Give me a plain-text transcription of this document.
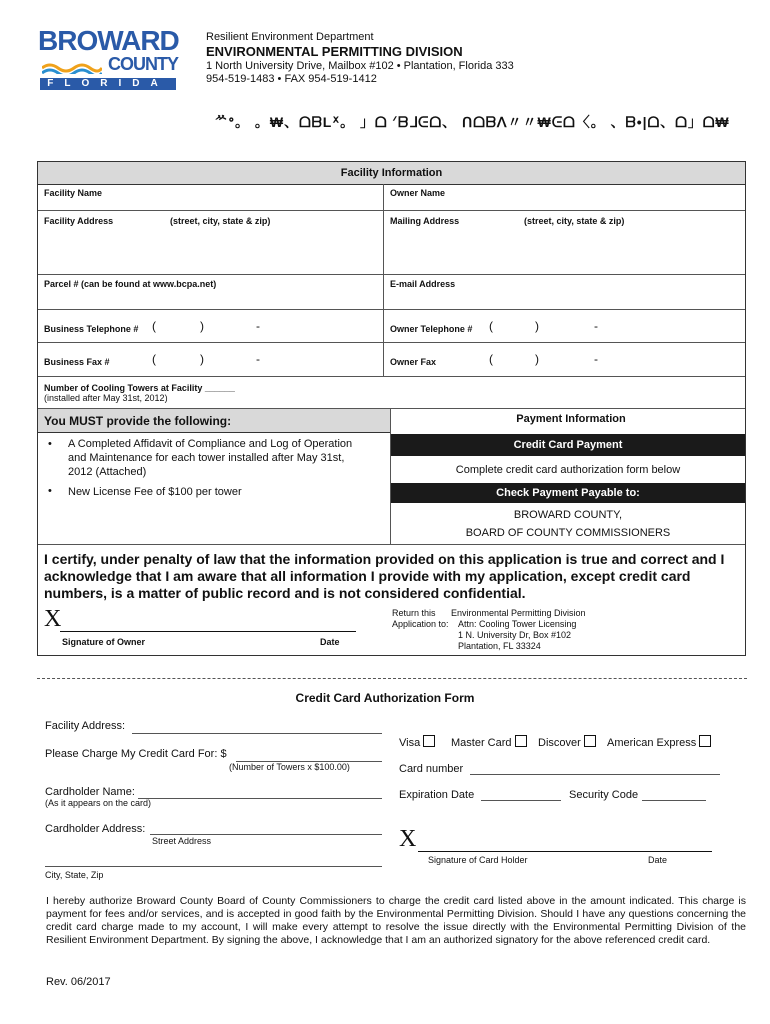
BROWARD
COUNTY
FLORIDA
Resilient Environment Department
ENVIRONMENTAL PERMITTING DIVISION
1 North University Drive, Mailbox #102 • Plantation, Florida 333
954-519-1483 • FAX 954-519-1412
ᄊᐤ。 。₩、ᗝᗷLᕽ。 」ᗝ ᐟᗷ⅃ᕮᗝ、 ᑎᗝᗷᐱ〃〃₩ᕮᗝ〈。 、ᗷ•|ᗝ、ᗝ」ᗝ₩
Facility Information
Facility Name	Owner Name
Facility Address	(street, city, state & zip)	Mailing Address	(street, city, state & zip)
Parcel # (can be found at www.bcpa.net)	E-mail Address
Business Telephone # (	)	-	Owner Telephone # (	)	-
Business Fax #	(	)	-	Owner Fax	(	)	-
Number of Cooling Towers at Facility ______
(installed after May 31st, 2012)
You MUST provide the following:	Payment Information
• A Completed Affidavit of Compliance and Log of Operation and Maintenance for each tower installed after May 31st, 2012 (Attached)
• New License Fee of $100 per tower
Credit Card Payment
Complete credit card authorization form below
Check Payment Payable to:
BROWARD COUNTY,
BOARD OF COUNTY COMMISSIONERS
I certify, under penalty of law that the information provided on this application is true and correct and I acknowledge that I am aware that all information I provide with my application, except credit card numbers, is a matter of public record and is not considered confidential.
X
Signature of Owner	Date
Return this
Application to:
Environmental Permitting Division
Attn: Cooling Tower Licensing
1 N. University Dr, Box #102
Plantation, FL 33324
Credit Card Authorization Form
Facility Address:
Please Charge My Credit Card For: $
(Number of Towers x $100.00)
Cardholder Name:
(As it appears on the card)
Cardholder Address:
Street Address
City, State, Zip
Visa	Master Card	Discover	American Express
Card number
Expiration Date	Security Code
X
Signature of Card Holder	Date
I hereby authorize Broward County Board of County Commissioners to charge the credit card listed above in the amount indicated. This charge is payment for fees and/or services, and is accepted in good faith by the Environmental Permitting Division. Should I have any questions concerning the credit card charge made to my account, I will make every attempt to resolve the issue directly with the Environmental Permitting Division of the Resilient Environment Department. By signing the above, I acknowledge that I am an authorized signatory for the above referenced credit card.
Rev. 06/2017
